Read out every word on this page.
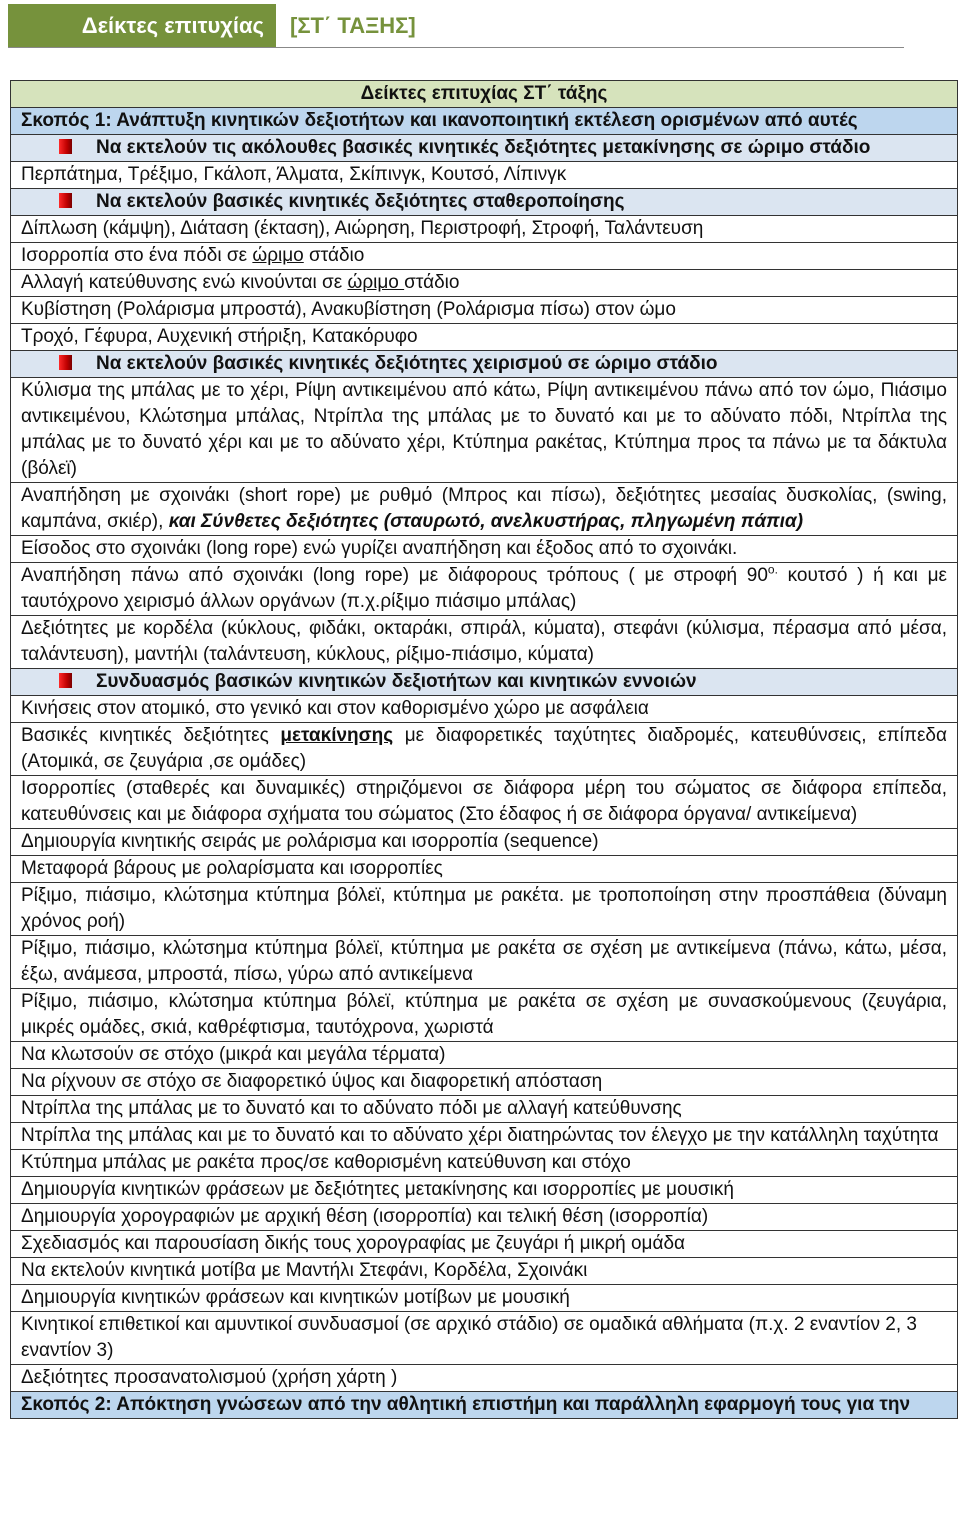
Δείκτες επιτυχίας	[ΣΤ΄ ΤΑΞΗΣ]
Δείκτες επιτυχίας ΣΤ΄ τάξης
Σκοπός 1: Ανάπτυξη κινητικών δεξιοτήτων και ικανοποιητική εκτέλεση ορισμένων από αυτές
Να εκτελούν τις ακόλουθες βασικές κινητικές δεξιότητες μετακίνησης σε ώριμο στάδιο
Περπάτημα, Τρέξιμο, Γκάλοπ, Άλματα, Σκίπινγκ, Κουτσό, Λίπινγκ
Να εκτελούν βασικές κινητικές δεξιότητες σταθεροποίησης
Δίπλωση (κάμψη), Διάταση (έκταση), Αιώρηση, Περιστροφή, Στροφή, Ταλάντευση
Ισορροπία στο ένα πόδι σε ώριμο στάδιο
Αλλαγή κατεύθυνσης ενώ κινούνται σε ώριμο στάδιο
Κυβίστηση (Ρολάρισμα μπροστά), Ανακυβίστηση (Ρολάρισμα πίσω) στον ώμο
Τροχό, Γέφυρα, Αυχενική στήριξη, Κατακόρυφο
Να εκτελούν βασικές κινητικές δεξιότητες χειρισμού σε ώριμο στάδιο
Κύλισμα της μπάλας με το χέρι, Ρίψη αντικειμένου από κάτω, Ρίψη αντικειμένου πάνω από τον ώμο, Πιάσιμο αντικειμένου, Κλώτσημα μπάλας, Ντρίπλα της μπάλας με το δυνατό και με το αδύνατο πόδι, Ντρίπλα της μπάλας με το δυνατό χέρι και με το αδύνατο χέρι, Κτύπημα ρακέτας, Κτύπημα προς τα πάνω με τα δάκτυλα (βόλεϊ)
Αναπήδηση με σχοινάκι (short rope) με ρυθμό (Μπρος και πίσω), δεξιότητες μεσαίας δυσκολίας, (swing, καμπάνα, σκιέρ), και Σύνθετες δεξιότητες (σταυρωτό, ανελκυστήρας, πληγωμένη πάπια)
Είσοδος στο σχοινάκι (long rope) ενώ γυρίζει αναπήδηση και έξοδος από το σχοινάκι.
Αναπήδηση πάνω από σχοινάκι (long rope) με διάφορους τρόπους ( με στροφή $90^{o.}$ κουτσό ) ή και με ταυτόχρονο χειρισμό άλλων οργάνων (π.χ.ρίξιμο πιάσιμο μπάλας)
Δεξιότητες με κορδέλα (κύκλους, φιδάκι, οκταράκι, σπιράλ, κύματα), στεφάνι (κύλισμα, πέρασμα από μέσα, ταλάντευση), μαντήλι (ταλάντευση, κύκλους, ρίξιμο-πιάσιμο, κύματα)
Συνδυασμός βασικών κινητικών δεξιοτήτων και κινητικών εννοιών
Κινήσεις στον ατομικό, στο γενικό και στον καθορισμένο χώρο με ασφάλεια
Βασικές κινητικές δεξιότητες μετακίνησης με διαφορετικές ταχύτητες διαδρομές, κατευθύνσεις, επίπεδα (Ατομικά, σε ζευγάρια ,σε ομάδες)
Ισορροπίες (σταθερές και δυναμικές) στηριζόμενοι σε διάφορα μέρη του σώματος σε διάφορα επίπεδα, κατευθύνσεις και με διάφορα σχήματα του σώματος (Στο έδαφος ή σε διάφορα όργανα/ αντικείμενα)
Δημιουργία κινητικής σειράς με ρολάρισμα και ισορροπία (sequence)
Μεταφορά βάρους με ρολαρίσματα και ισορροπίες
Ρίξιμο, πιάσιμο, κλώτσημα κτύπημα βόλεϊ, κτύπημα με ρακέτα. με τροποποίηση στην προσπάθεια (δύναμη χρόνος ροή)
Ρίξιμο, πιάσιμο, κλώτσημα κτύπημα βόλεϊ, κτύπημα με ρακέτα σε σχέση με αντικείμενα (πάνω, κάτω, μέσα, έξω, ανάμεσα, μπροστά, πίσω, γύρω από αντικείμενα
Ρίξιμο, πιάσιμο, κλώτσημα κτύπημα βόλεϊ, κτύπημα με ρακέτα σε σχέση με συνασκούμενους (ζευγάρια, μικρές ομάδες, σκιά, καθρέφτισμα, ταυτόχρονα, χωριστά
Να κλωτσούν σε στόχο (μικρά και μεγάλα τέρματα)
Να ρίχνουν σε στόχο σε διαφορετικό ύψος και διαφορετική απόσταση
Ντρίπλα της μπάλας με το δυνατό και το αδύνατο πόδι με αλλαγή κατεύθυνσης
Ντρίπλα της μπάλας και με το δυνατό και το αδύνατο χέρι διατηρώντας τον έλεγχο με την κατάλληλη ταχύτητα
Κτύπημα μπάλας με ρακέτα προς/σε καθορισμένη κατεύθυνση και στόχο
Δημιουργία κινητικών φράσεων με δεξιότητες μετακίνησης και ισορροπίες με μουσική
Δημιουργία χορογραφιών με αρχική θέση (ισορροπία) και τελική θέση (ισορροπία)
Σχεδιασμός και παρουσίαση δικής τους χορογραφίας με ζευγάρι ή μικρή ομάδα
Να εκτελούν κινητικά μοτίβα με Μαντήλι Στεφάνι, Κορδέλα, Σχοινάκι
Δημιουργία κινητικών φράσεων και κινητικών μοτίβων με μουσική
Κινητικοί επιθετικοί και αμυντικοί συνδυασμοί (σε αρχικό στάδιο) σε ομαδικά αθλήματα (π.χ. 2 εναντίον 2, 3 εναντίον 3)
Δεξιότητες προσανατολισμού (χρήση χάρτη )
Σκοπός 2: Απόκτηση γνώσεων από την αθλητική επιστήμη και παράλληλη εφαρμογή τους για την
